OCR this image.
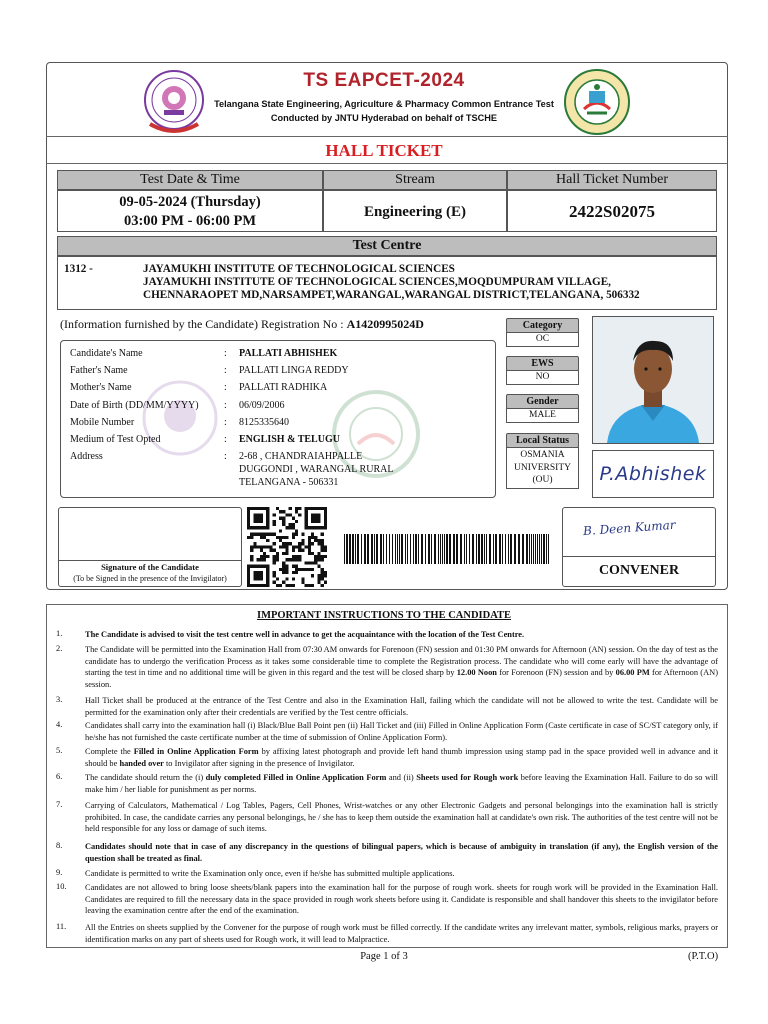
TS EAPCET-2024
Telangana State Engineering, Agriculture & Pharmacy Common Entrance Test
Conducted by JNTU Hyderabad on behalf of TSCHE
HALL TICKET
Test Date & Time	Stream	Hall Ticket Number
09-05-2024 (Thursday)
03:00 PM - 06:00 PM
Engineering (E)	2422S02075
Test Centre
1312 -	JAYAMUKHI INSTITUTE OF TECHNOLOGICAL SCIENCES
JAYAMUKHI INSTITUTE OF TECHNOLOGICAL SCIENCES,MOQDUMPURAM VILLAGE,
CHENNARAOPET MD,NARSAMPET,WARANGAL,WARANGAL DISTRICT,TELANGANA, 506332
(Information furnished by the Candidate) Registration No : A1420995024D
Candidate's Name	: PALLATI ABHISHEK
Father's Name	: PALLATI LINGA REDDY
Mother's Name	: PALLATI RADHIKA
Date of Birth (DD/MM/YYYY)	: 06/09/2006
Mobile Number	: 8125335640
Medium of Test Opted	: ENGLISH & TELUGU
Address	: 2-68 , CHANDRAIAHPALLE
DUGGONDI , WARANGAL RURAL
TELANGANA - 506331
Category
OC
EWS
NO
Gender
MALE
Local Status
OSMANIA
UNIVERSITY
(OU)	P.Abhishek
Signature of the Candidate
(To be Signed in the presence of the Invigilator)
B. Deen Kumar
CONVENER
IMPORTANT INSTRUCTIONS TO THE CANDIDATE
1.	The Candidate is advised to visit the test centre well in advance to get the acquaintance with the location of the Test Centre.
2.	The Candidate will be permitted into the Examination Hall from 07:30 AM onwards for Forenoon (FN) session and 01:30 PM onwards for Afternoon (AN) session. On the day of test as the candidate has to undergo the verification Process as it takes some considerable time to complete the Registration process. The candidate who will come early will have the advantage of starting the test in time and no additional time will be given in this regard and the test will be closed sharp by 12.00 Noon for Forenoon (FN) session and by 06.00 PM for Afternoon (AN) session.
3.	Hall Ticket shall be produced at the entrance of the Test Centre and also in the Examination Hall, failing which the candidate will not be allowed to write the test. Candidate will be permitted for the examination only after their credentials are verified by the Test centre officials.
4.	Candidates shall carry into the examination hall (i) Black/Blue Ball Point pen (ii) Hall Ticket and (iii) Filled in Online Application Form (Caste certificate in case of SC/ST category only, if he/she has not furnished the caste certificate number at the time of submission of Online Application Form).
5.	Complete the Filled in Online Application Form by affixing latest photograph and provide left hand thumb impression using stamp pad in the space provided well in advance and it should be handed over to Invigilator after signing in the presence of Invigilator.
6.	The candidate should return the (i) duly completed Filled in Online Application Form and (ii) Sheets used for Rough work before leaving the Examination Hall. Failure to do so will make him / her liable for punishment as per norms.
7.	Carrying of Calculators, Mathematical / Log Tables, Pagers, Cell Phones, Wrist-watches or any other Electronic Gadgets and personal belongings into the examination hall is strictly prohibited. In case, the candidate carries any personal belongings, he / she has to keep them outside the examination hall at candidate's own risk. The authorities of the test centre will not be held responsible for any loss or damage of such items.
8.	Candidates should note that in case of any discrepancy in the questions of bilingual papers, which is because of ambiguity in translation (if any), the English version of the question shall be treated as final.
9.	Candidate is permitted to write the Examination only once, even if he/she has submitted multiple applications.
10. Candidates are not allowed to bring loose sheets/blank papers into the examination hall for the purpose of rough work. sheets for rough work will be provided in the Examination Hall. Candidates are required to fill the necessary data in the space provided in rough work sheets before using it. Candidate is responsible and shall handover this sheets to the invigilator before leaving the examination centre after the end of the examination.
11. All the Entries on sheets supplied by the Convener for the purpose of rough work must be filled correctly. If the candidate writes any irrelevant matter, symbols, religious marks, prayers or identification marks on any part of sheets used for Rough work, it will lead to Malpractice.
Page 1 of 3	(P.T.O)
